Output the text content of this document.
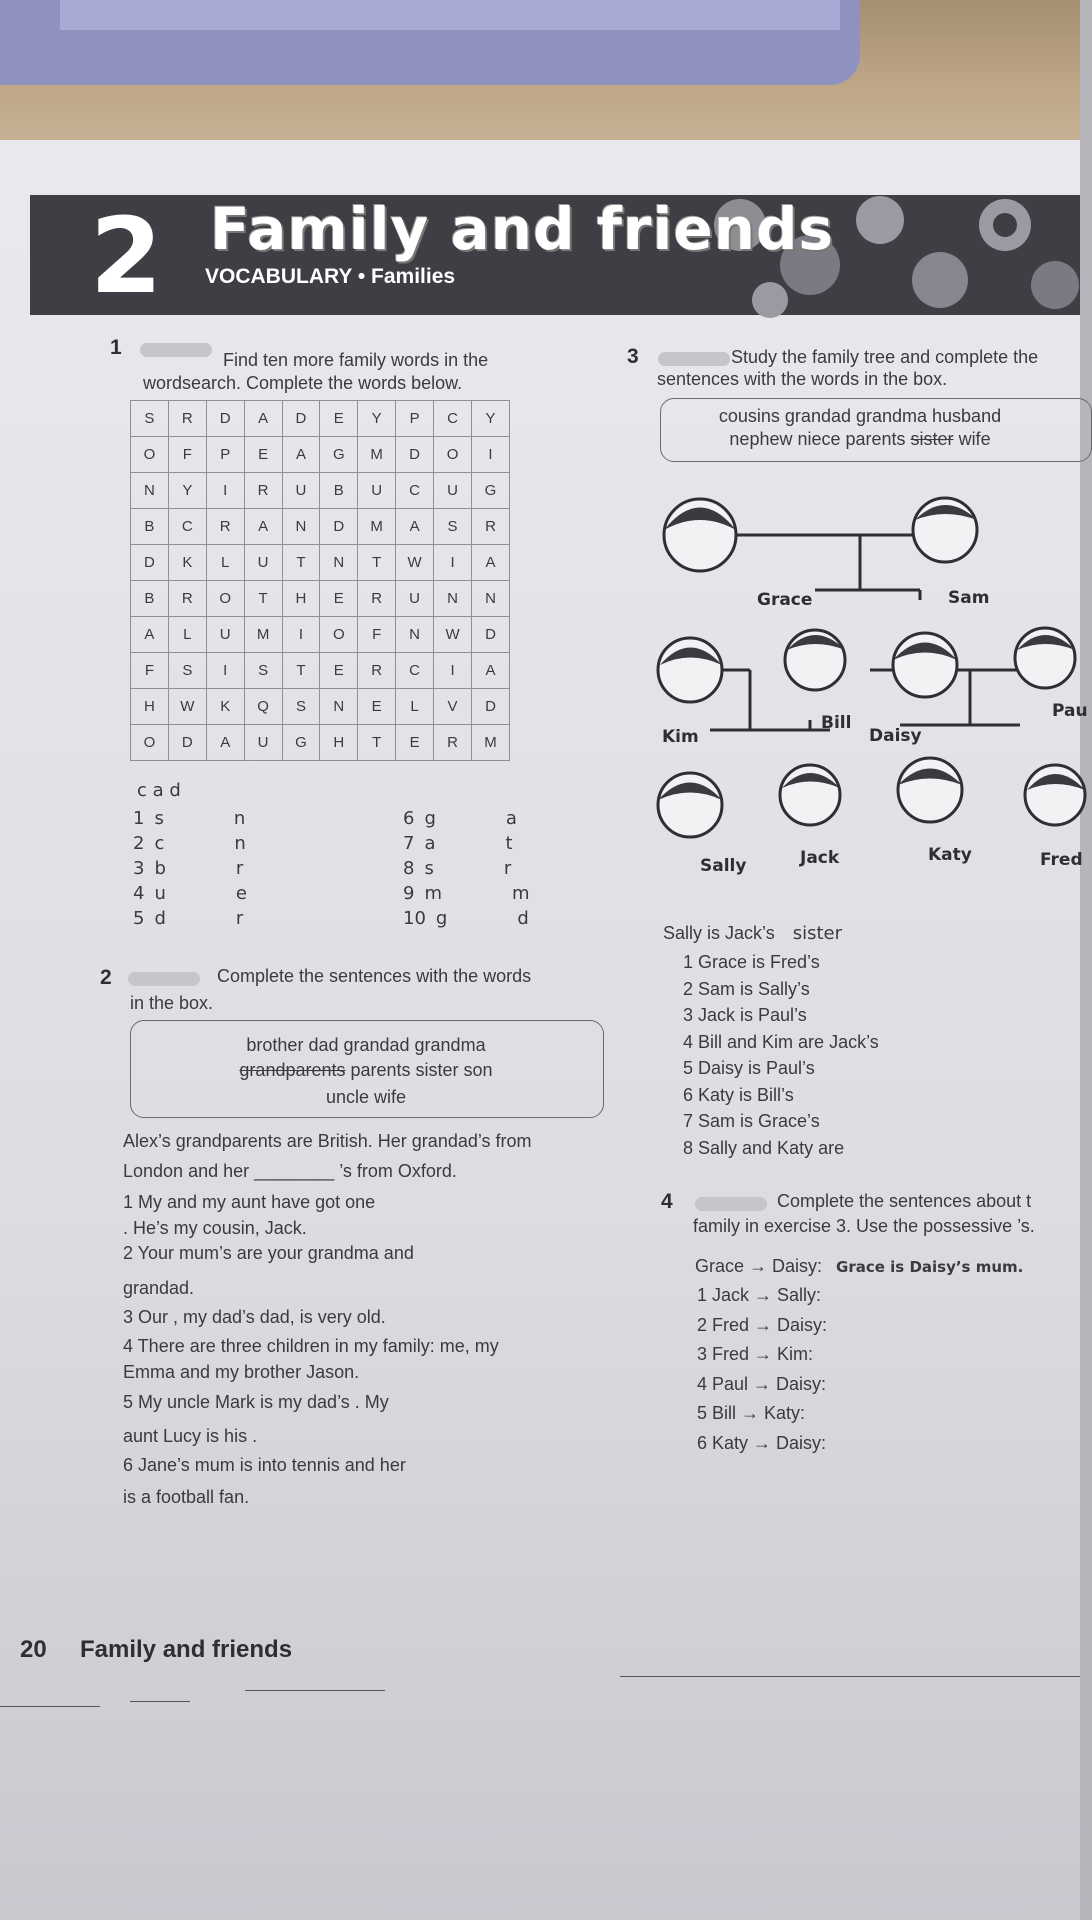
2 Family and friends
VOCABULARY • Families
1
Find ten more family words in the
wordsearch. Complete the words below.
S	R	D	A	D	E	Y	P	C	Y
O	F	P	E	A	G	M	D	O	I
N	Y	I	R	U	B	U	C	U	G
B	C	R	A	N	D	M	A	S	R
D	K	L	U	T	N	T	W	I	A
B	R	O	T	H	E	R	U	N	N
A	L	U	M	I	O	F	N	W	D
F	S	I	S	T	E	R	C	I	A
H	W	K	Q	S	N	E	L	V	D
O	D	A	U	G	H	T	E	R	M
c a d
1 s	n
2 c	n
3 b	r
4 u	e
5 d	r
6 g	a
7 a	t
8 s	r
9 m	m
10 g	d
2	Complete the sentences with the words
in the box.
brother dad grandad grandma
grandparents parents sister son
uncle wife
Alex’s grandparents are British. Her grandad’s from
London and her ________ ’s from Oxford.
1 My and my aunt have got one
. He’s my cousin, Jack.
2 Your mum’s are your grandma and
grandad.
3 Our , my dad’s dad, is very old.
4 There are three children in my family: me, my
Emma and my brother Jason.
5 My uncle Mark is my dad’s . My
aunt Lucy is his .
6 Jane’s mum is into tennis and her
is a football fan.
3	Study the family tree and complete the
sentences with the words in the box.
cousins grandad grandma husband
nephew niece parents sister wife
Grace	Sam
Kim
Bill
Daisy
Pau
Sally	Jack	Katy	Fred
Sally is Jack’s sister
1 Grace is Fred’s
2 Sam is Sally’s
3 Jack is Paul’s
4 Bill and Kim are Jack’s
5 Daisy is Paul’s
6 Katy is Bill’s
7 Sam is Grace’s
8 Sally and Katy are
4	Complete the sentences about t
family in exercise 3. Use the possessive ’s.
Grace → Daisy: Grace is Daisy’s mum.
1 Jack → Sally:
2 Fred → Daisy:
3 Fred → Kim:
4 Paul → Daisy:
5 Bill → Katy:
6 Katy → Daisy:
20 Family and friends
